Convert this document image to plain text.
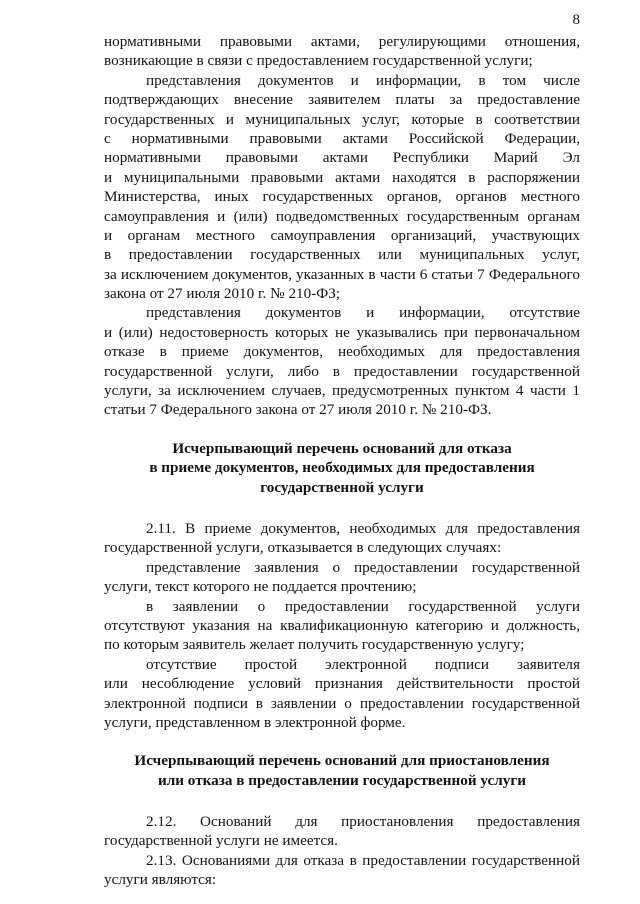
8
нормативными правовыми актами, регулирующими отношения,
возникающие в связи с предоставлением государственной услуги;
представления документов и информации, в том числе
подтверждающих внесение заявителем платы за предоставление
государственных и муниципальных услуг, которые в соответствии
с нормативными правовыми актами Российской Федерации,
нормативными правовыми актами Республики Марий Эл
и муниципальными правовыми актами находятся в распоряжении
Министерства, иных государственных органов, органов местного
самоуправления и (или) подведомственных государственным органам
и органам местного самоуправления организаций, участвующих
в предоставлении государственных или муниципальных услуг,
за исключением документов, указанных в части 6 статьи 7 Федерального
закона от 27 июля 2010 г. № 210-ФЗ;
представления документов и информации, отсутствие
и (или) недостоверность которых не указывались при первоначальном
отказе в приеме документов, необходимых для предоставления
государственной услуги, либо в предоставлении государственной
услуги, за исключением случаев, предусмотренных пунктом 4 части 1
статьи 7 Федерального закона от 27 июля 2010 г. № 210-ФЗ.
Исчерпывающий перечень оснований для отказа
в приеме документов, необходимых для предоставления
государственной услуги
2.11. В приеме документов, необходимых для предоставления
государственной услуги, отказывается в следующих случаях:
представление заявления о предоставлении государственной
услуги, текст которого не поддается прочтению;
в заявлении о предоставлении государственной услуги
отсутствуют указания на квалификационную категорию и должность,
по которым заявитель желает получить государственную услугу;
отсутствие простой электронной подписи заявителя
или несоблюдение условий признания действительности простой
электронной подписи в заявлении о предоставлении государственной
услуги, представленном в электронной форме.
Исчерпывающий перечень оснований для приостановления
или отказа в предоставлении государственной услуги
2.12. Оснований для приостановления предоставления
государственной услуги не имеется.
2.13. Основаниями для отказа в предоставлении государственной
услуги являются:
